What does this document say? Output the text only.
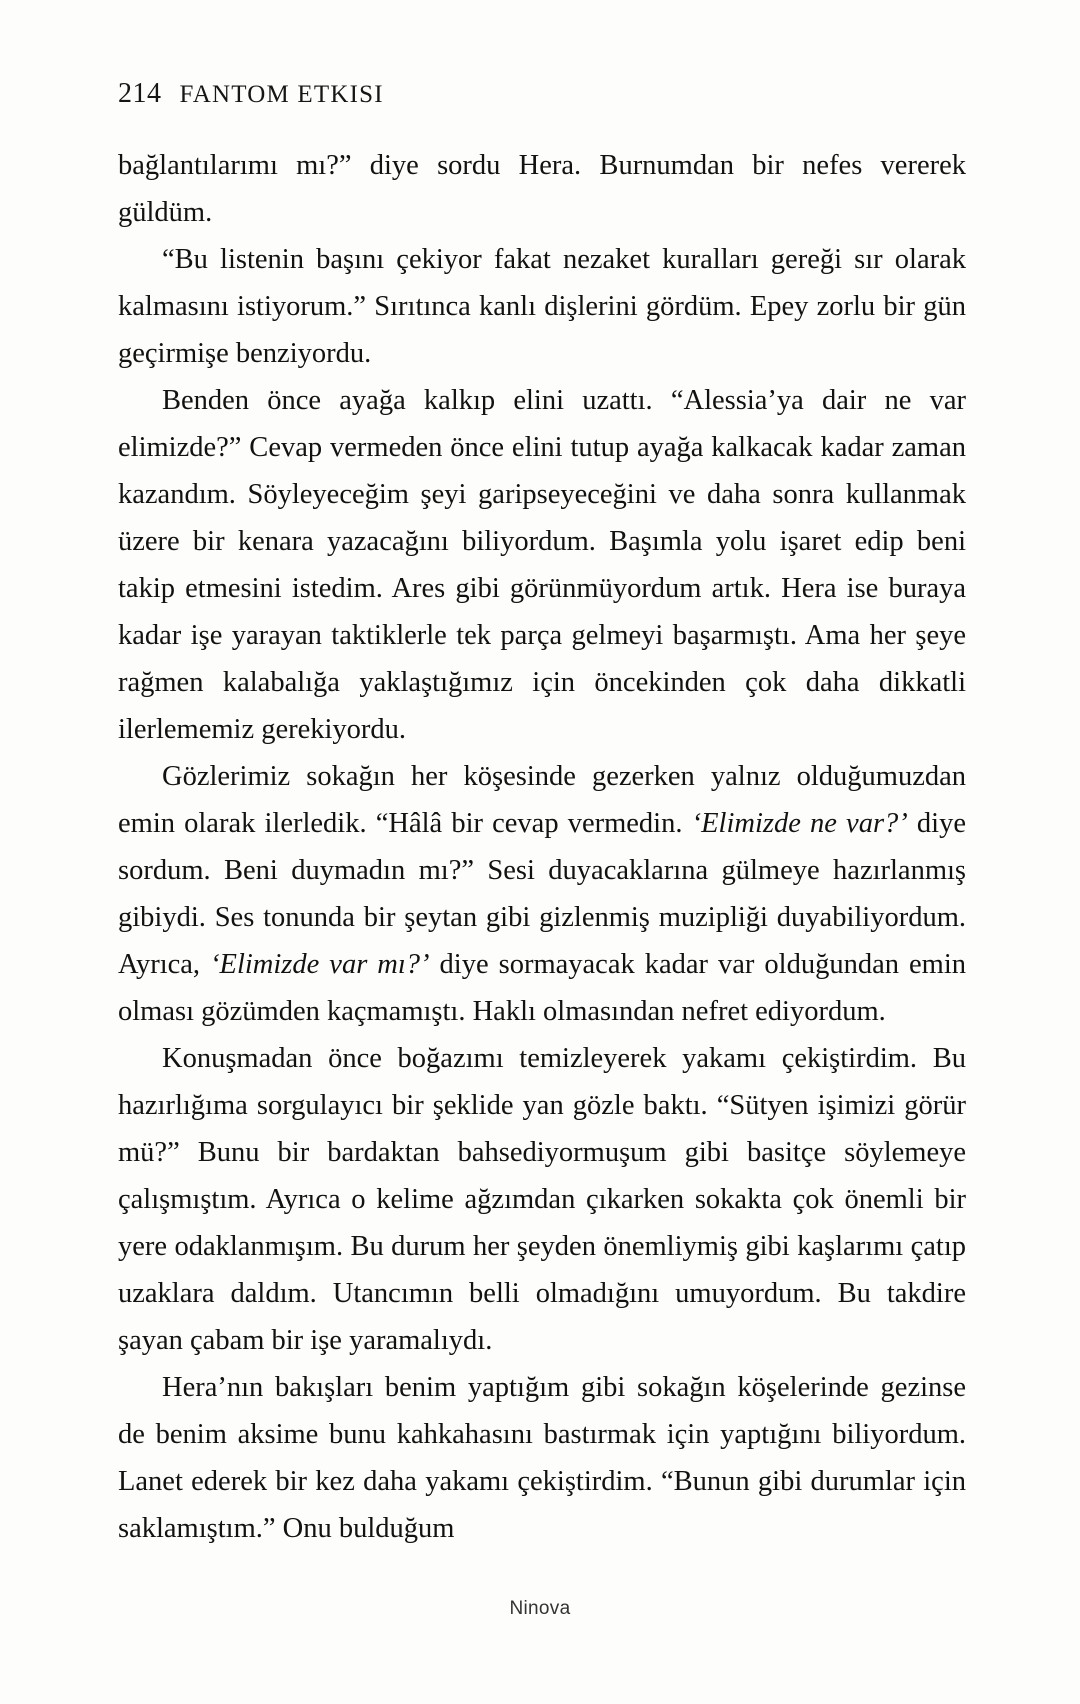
214 FANTOM ETKISI

bağlantılarımı mı?” diye sordu Hera. Burnumdan bir nefes vererek güldüm.

“Bu listenin başını çekiyor fakat nezaket kuralları gereği sır olarak kalmasını istiyorum.” Sırıtınca kanlı dişlerini gördüm. Epey zorlu bir gün geçirmişe benziyordu.

Benden önce ayağa kalkıp elini uzattı. “Alessia’ya dair ne var elimizde?” Cevap vermeden önce elini tutup ayağa kalkacak kadar zaman kazandım. Söyleyeceğim şeyi garipseyeceğini ve daha sonra kullanmak üzere bir kenara yazacağını biliyordum. Başımla yolu işaret edip beni takip etmesini istedim. Ares gibi görünmüyordum artık. Hera ise buraya kadar işe yarayan taktiklerle tek parça gelmeyi başarmıştı. Ama her şeye rağmen kalabalığa yaklaştığımız için öncekinden çok daha dikkatli ilerlememiz gerekiyordu.

Gözlerimiz sokağın her köşesinde gezerken yalnız olduğumuzdan emin olarak ilerledik. “Hâlâ bir cevap vermedin. ‘Elimizde ne var?’ diye sordum. Beni duymadın mı?” Sesi duyacaklarına gülmeye hazırlanmış gibiydi. Ses tonunda bir şeytan gibi gizlenmiş muzipliği duyabiliyordum. Ayrıca, ‘Elimizde var mı?’ diye sormayacak kadar var olduğundan emin olması gözümden kaçmamıştı. Haklı olmasından nefret ediyordum.

Konuşmadan önce boğazımı temizleyerek yakamı çekiştirdim. Bu hazırlığıma sorgulayıcı bir şeklide yan gözle baktı. “Sütyen işimizi görür mü?” Bunu bir bardaktan bahsediyormuşum gibi basitçe söylemeye çalışmıştım. Ayrıca o kelime ağzımdan çıkarken sokakta çok önemli bir yere odaklanmışım. Bu durum her şeyden önemliymiş gibi kaşlarımı çatıp uzaklara daldım. Utancımın belli olmadığını umuyordum. Bu takdire şayan çabam bir işe yaramalıydı.

Hera’nın bakışları benim yaptığım gibi sokağın köşelerinde gezinse de benim aksime bunu kahkahasını bastırmak için yaptığını biliyordum. Lanet ederek bir kez daha yakamı çekiştirdim. “Bunun gibi durumlar için saklamıştım.” Onu bulduğum

Ninova
